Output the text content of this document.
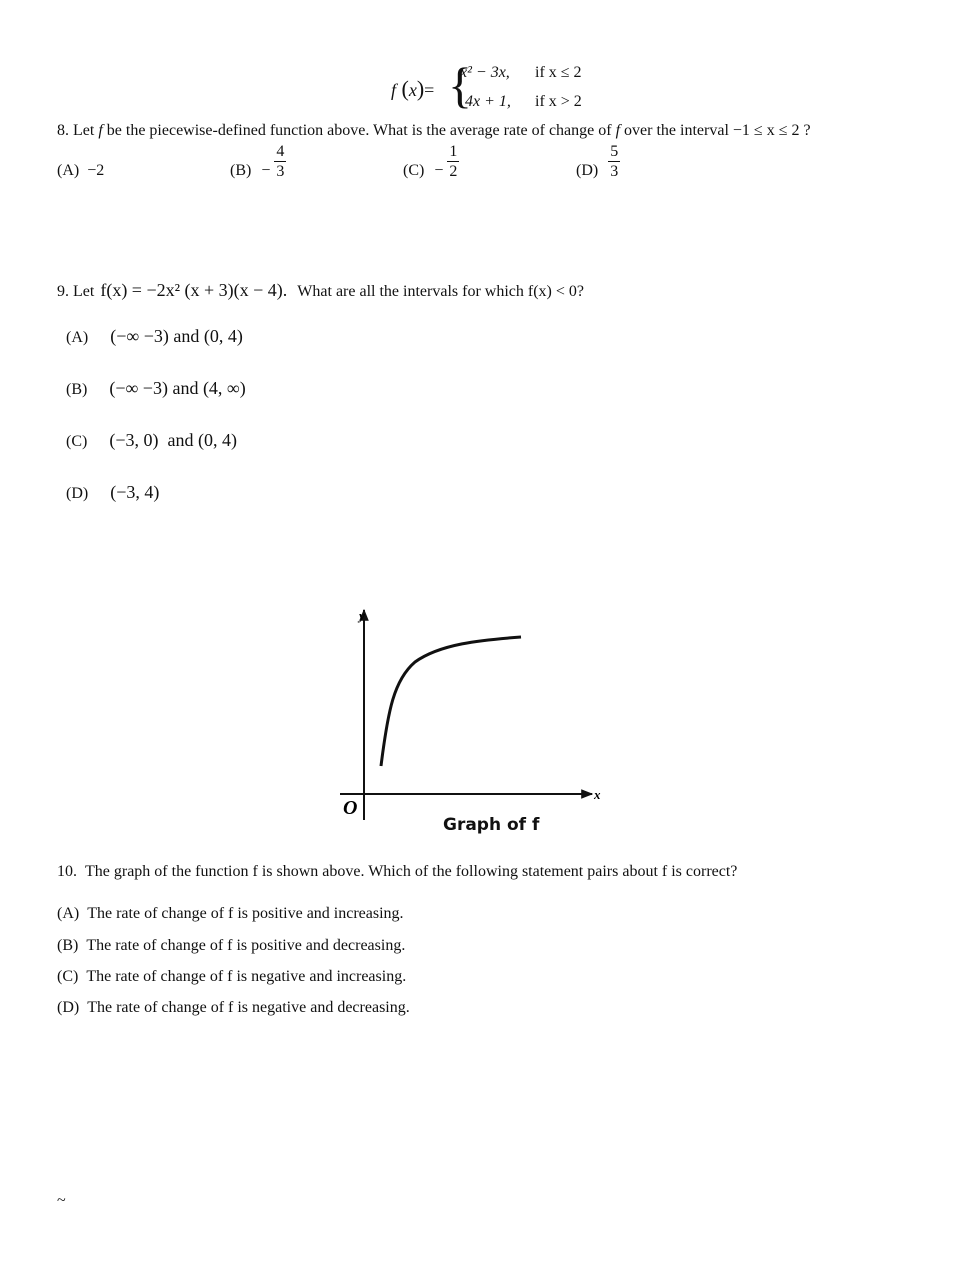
f (x)= {
x² − 3x, if x ≤ 2
4x + 1, if x > 2
8. Let f be the piecewise-defined function above. What is the average rate of change of f over the interval −1 ≤ x ≤ 2 ?
(A) −2	$(B) - \frac{4}{3}$	$(C) - \frac{1}{2}$	$(D) \frac{5}{3}$
9. Let f(x) = −2x² (x + 3)(x − 4). What are all the intervals for which f(x) < 0?
(A) (−∞ −3) and (0, 4)
(B) (−∞ −3) and (4, ∞)
(C) (−3, 0)  and (0, 4)
(D) (−3, 4)
y
x
O
Graph of f
10. The graph of the function f is shown above. Which of the following statement pairs about f is correct?
(A) The rate of change of f is positive and increasing.
(B) The rate of change of f is positive and decreasing.
(C) The rate of change of f is negative and increasing.
(D) The rate of change of f is negative and decreasing.
~
